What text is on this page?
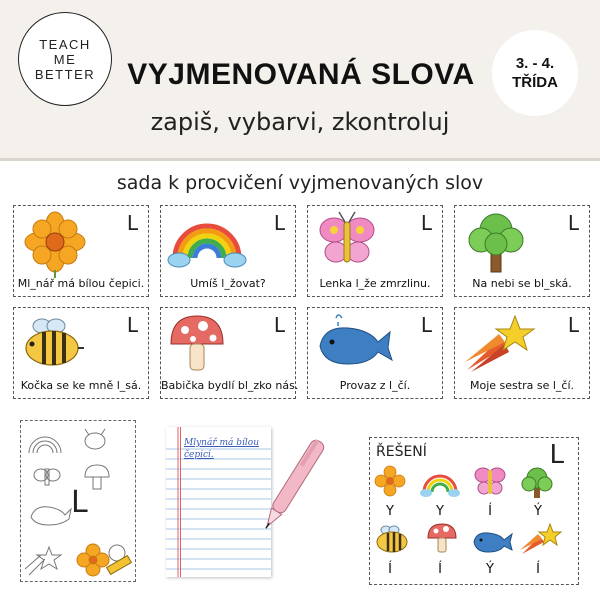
TEACH
ME
BETTER	VYJMENOVANÁ SLOVA	3. - 4.
TŘÍDA
zapiš, vybarvi, zkontroluj
sada k procvičení vyjmenovaných slov
L
Ml_nář má bílou čepici.
L
Umíš l_žovat?
L
Lenka l_že zmrzlinu.
L
Na nebi se bl_ská.
L
Kočka se ke mně l_sá.
L
Babička bydlí bl_zko nás.
L
Provaz z l_čí.
L
Moje sestra se l_čí.
L
Mlynář má bílou čepici.	ŘEŠENÍ	L
Y	Y	Í	Ý
Í	Í	Ý	Í
